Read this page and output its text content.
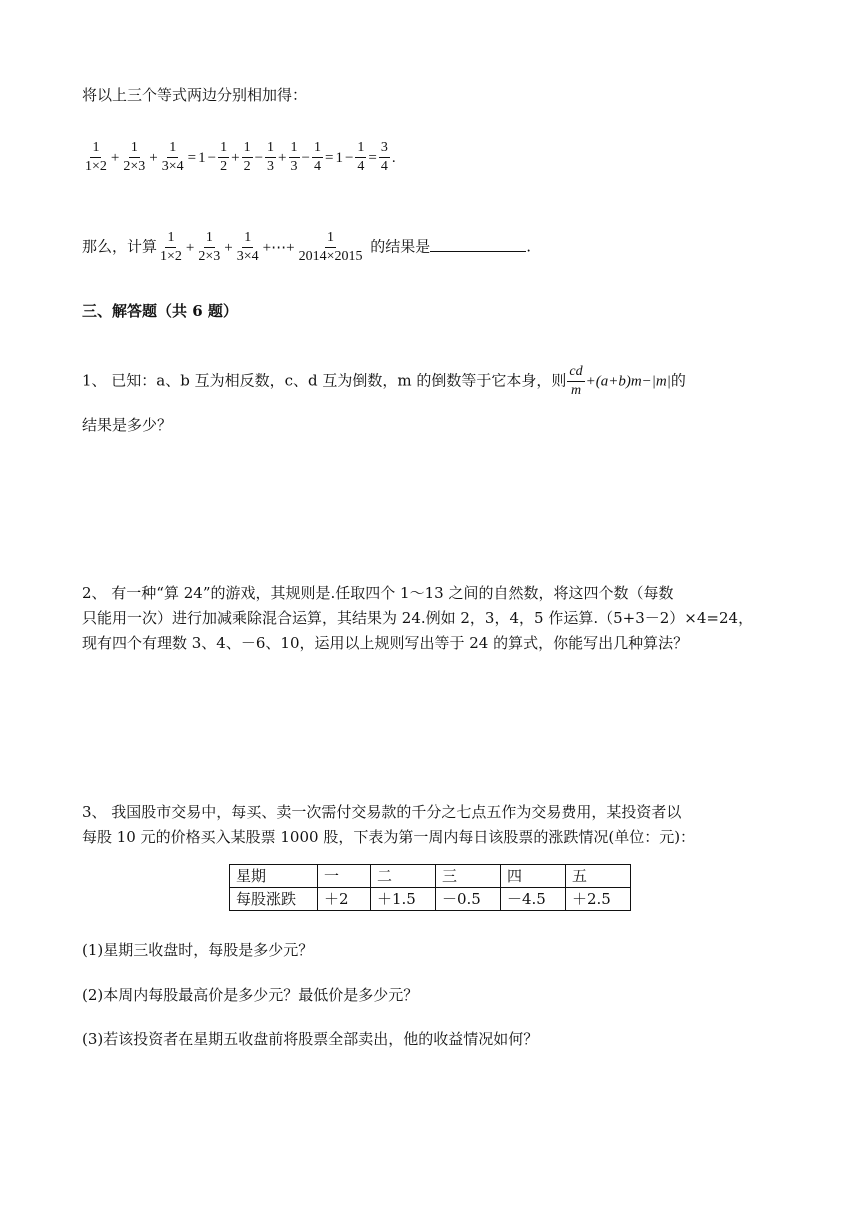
将以上三个等式两边分别相加得：
$\frac{1}{1\times 2} + \frac{1}{2\times 3} + \frac{1}{3\times 4} = 1 - \frac{1}{2} + \frac{1}{2} - \frac{1}{3} + \frac{1}{3} - \frac{1}{4} = 1 - \frac{1}{4} = \frac{3}{4}$ .
那么，计算 $\frac{1}{1\times 2} + \frac{1}{2\times 3} + \frac{1}{3\times 4}$ +⋯+ $\frac{1}{2014\times 2015}$ 的结果是	.
三、解答题（共 6 题）
1、 已知：a、b 互为相反数，c、d 互为倒数，m 的倒数等于它本身，则 $\frac{cd}{m} +(a+b)m-|m|$的
结果是多少？
2、 有一种“算 24”的游戏，其规则是.任取四个 1～13 之间的自然数，将这四个数（每数
只能用一次）进行加减乘除混合运算，其结果为 24.例如 2，3，4，5 作运算.（5+3－2）×4=24，
现有四个有理数 3、4、－6、10，运用以上规则写出等于 24 的算式，你能写出几种算法？
3、 我国股市交易中，每买、卖一次需付交易款的千分之七点五作为交易费用，某投资者以
每股 10 元的价格买入某股票 1000 股，下表为第一周内每日该股票的涨跌情况(单位：元)：
星期	一	二	三	四	五
每股涨跌	＋2	＋1.5	－0.5	－4.5	＋2.5
(1)星期三收盘时，每股是多少元？
(2)本周内每股最高价是多少元？最低价是多少元？
(3)若该投资者在星期五收盘前将股票全部卖出，他的收益情况如何？
